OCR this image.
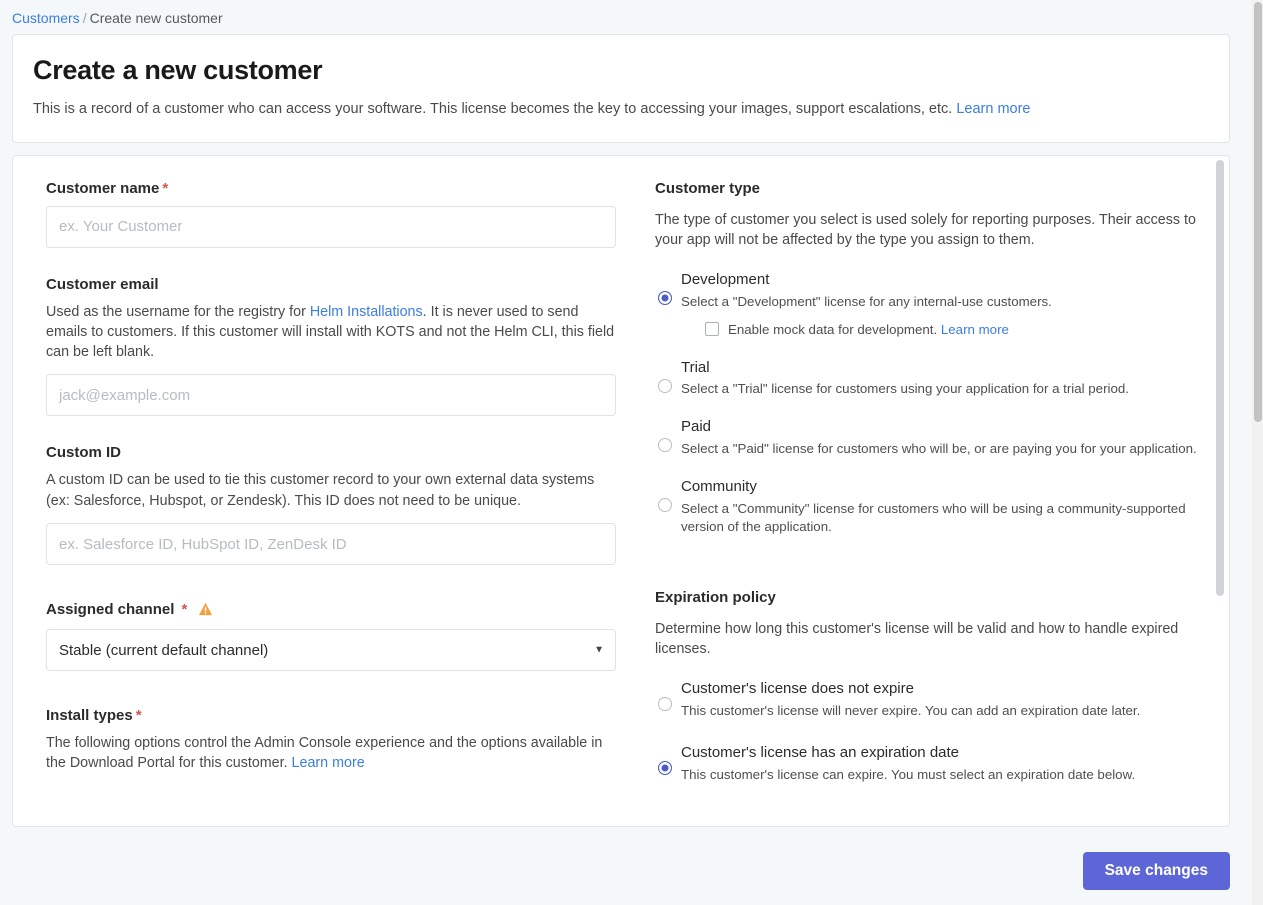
Customers / Create new customer
Create a new customer

This is a record of a customer who can access your software. This license becomes the key to accessing your images, support escalations, etc. Learn more

Customer name *
ex. Your Customer
Customer email

Used as the username for the registry for Helm Installations. It is never used to send emails to customers. If this customer will install with KOTS and not the Helm CLI, this field can be left blank.

jack@example.com
Custom ID

A custom ID can be used to tie this customer record to your own external data systems (ex: Salesforce, Hubspot, or Zendesk). This ID does not need to be unique.

ex. Salesforce ID, HubSpot ID, ZenDesk ID
Assigned channel *
Stable (current default channel)
▼
Install types *

The following options control the Admin Console experience and the options available in the Download Portal for this customer. Learn more

Customer type

The type of customer you select is used solely for reporting purposes. Their access to your app will not be affected by the type you assign to them.

Development
Select a "Development" license for any internal-use customers.
Enable mock data for development. Learn more
Trial
Select a "Trial" license for customers using your application for a trial period.
Paid
Select a "Paid" license for customers who will be, or are paying you for your application.
Community
Select a "Community" license for customers who will be using a community-supported version of the application.
Expiration policy

Determine how long this customer's license will be valid and how to handle expired licenses.

Customer's license does not expire
This customer's license will never expire. You can add an expiration date later.
Customer's license has an expiration date
This customer's license can expire. You must select an expiration date below.
Save changes
